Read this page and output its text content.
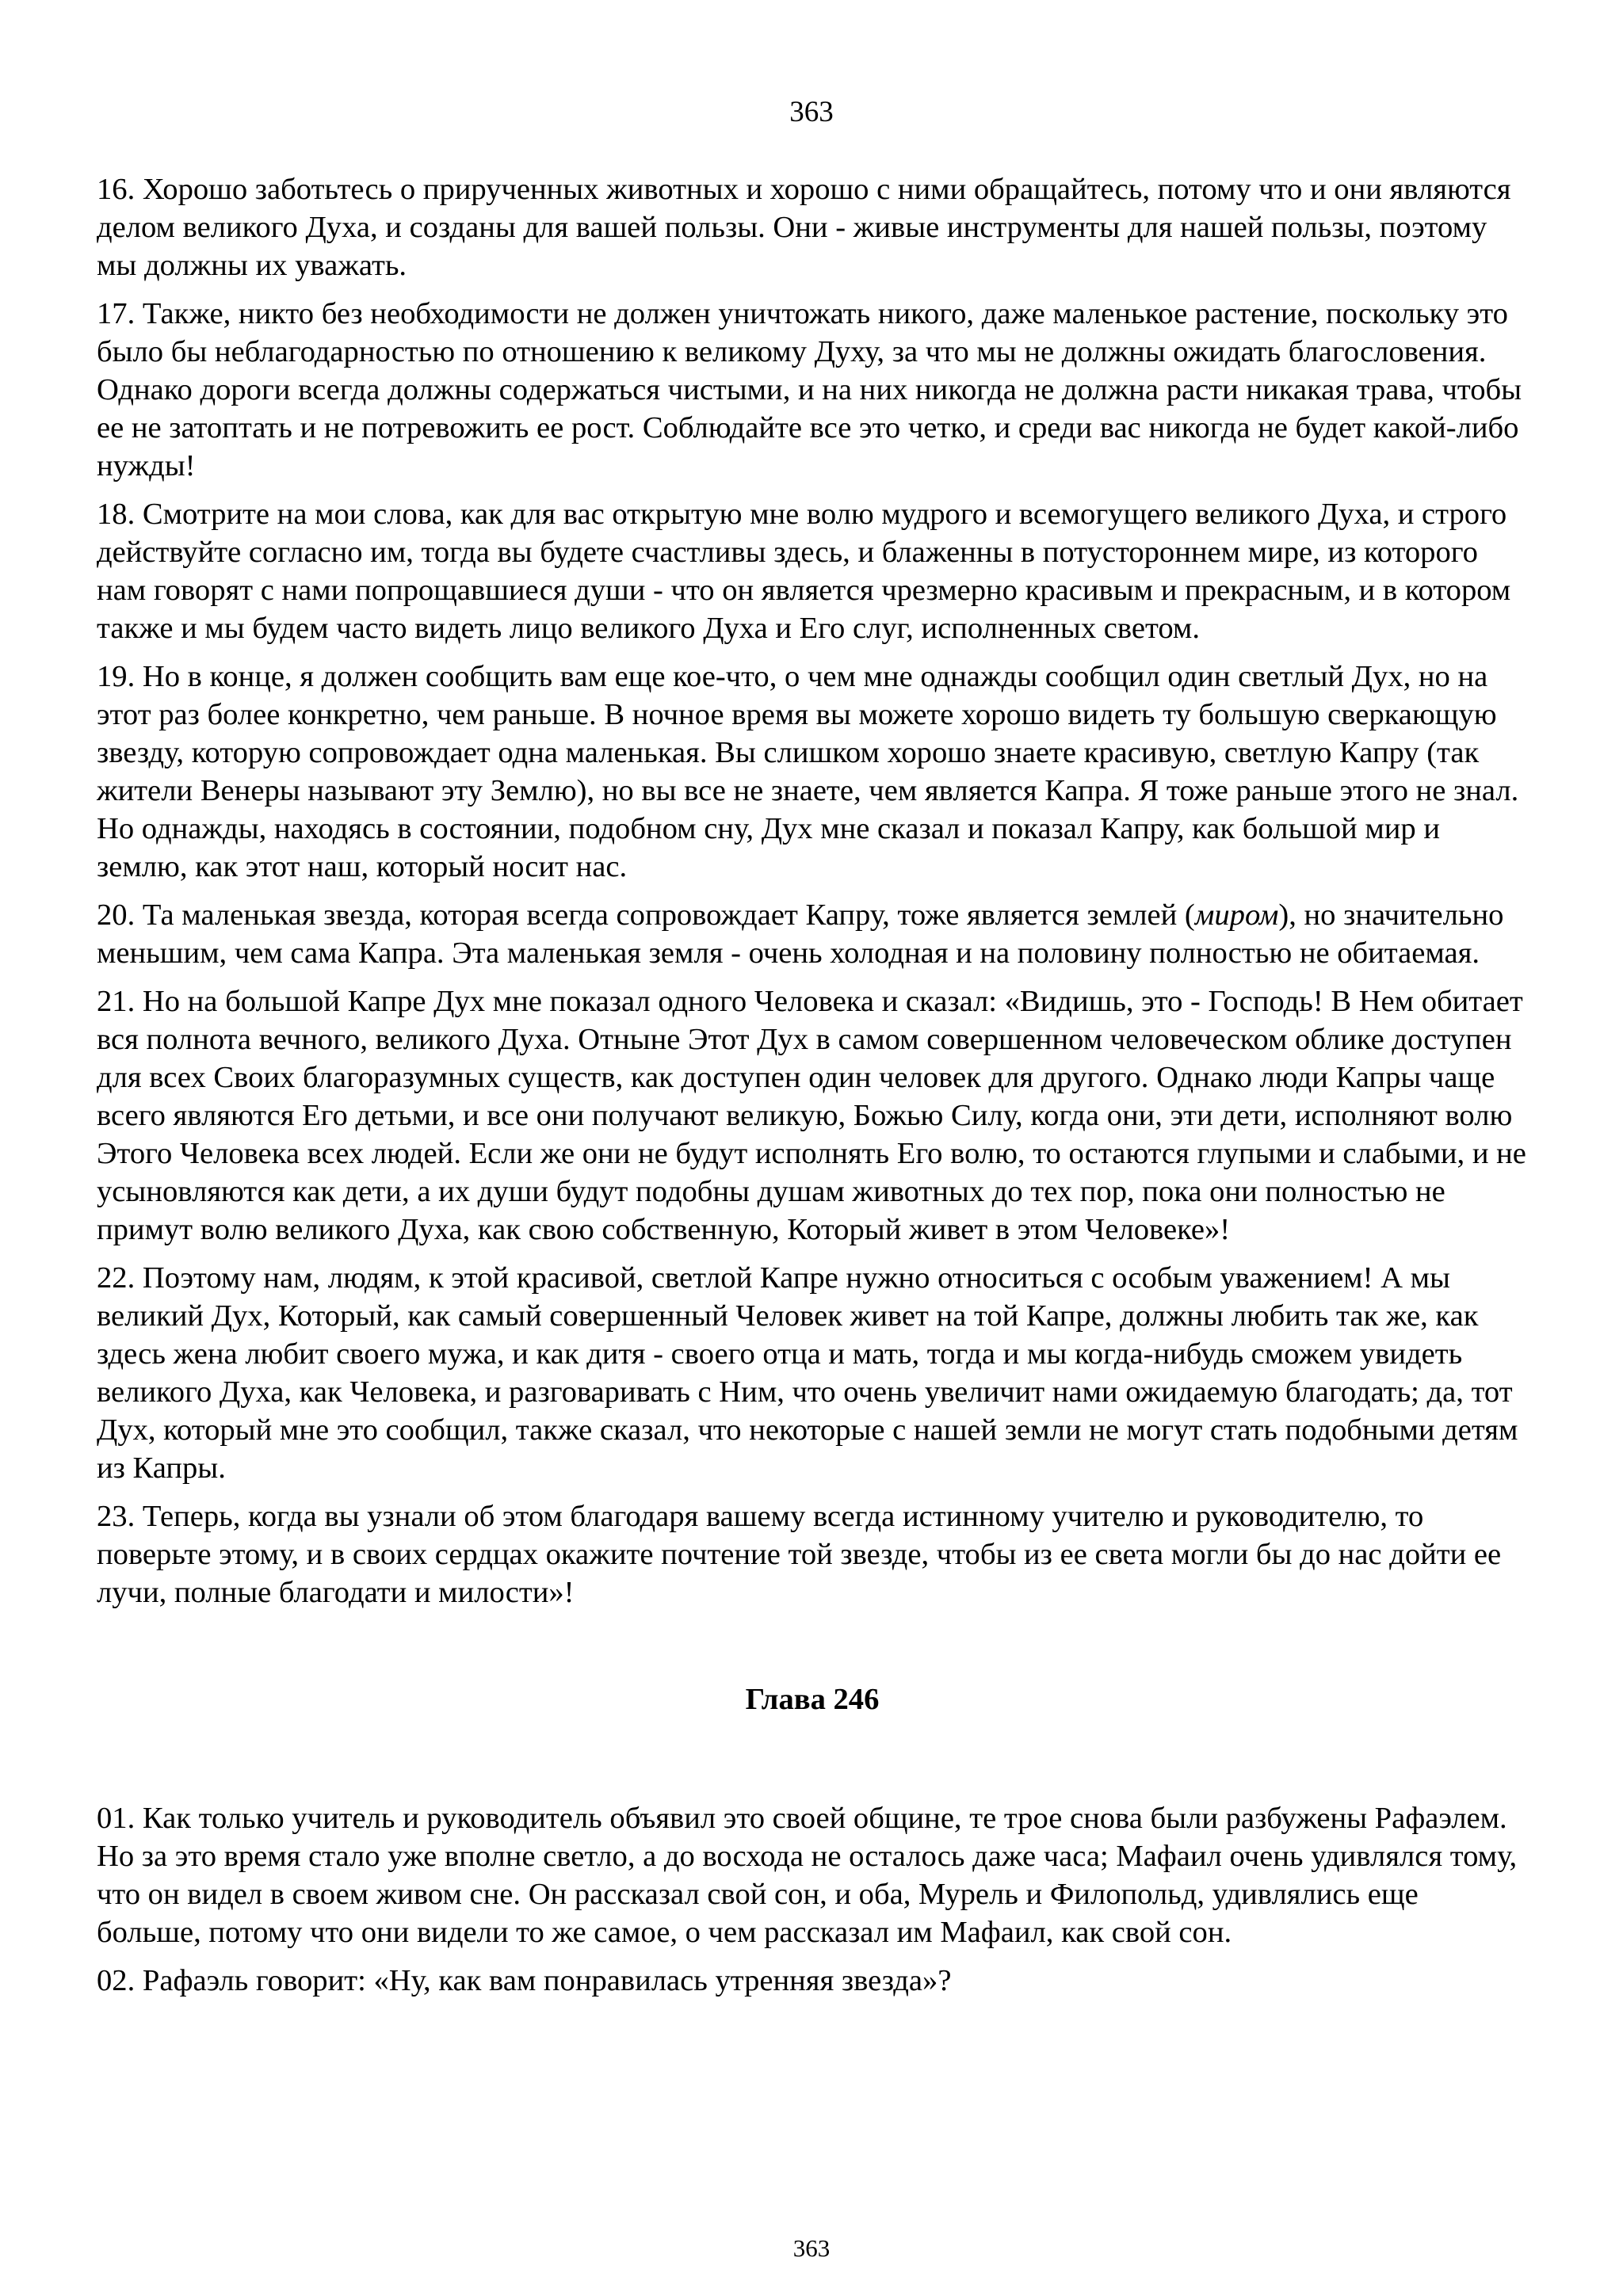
363

16. Хорошо заботьтесь о прирученных животных и хорошо с ними обращайтесь, потому что и они являются делом великого Духа, и созданы для вашей пользы. Они - живые инструменты для нашей пользы, поэтому мы должны их уважать.

17. Также, никто без необходимости не должен уничтожать никого, даже маленькое растение, поскольку это было бы неблагодарностью по отношению к великому Духу, за что мы не должны ожидать благословения. Однако дороги всегда должны содержаться чистыми, и на них никогда не должна расти никакая трава, чтобы ее не затоптать и не потревожить ее рост. Соблюдайте все это четко, и среди вас никогда не будет какой-либо нужды!

18. Смотрите на мои слова, как для вас открытую мне волю мудрого и всемогущего великого Духа, и строго действуйте согласно им, тогда вы будете счастливы здесь, и блаженны в потустороннем мире, из которого нам говорят с нами попрощавшиеся души - что он является чрезмерно красивым и прекрасным, и в котором также и мы будем часто видеть лицо великого Духа и Его слуг, исполненных светом.

19. Но в конце, я должен сообщить вам еще кое-что, о чем мне однажды сообщил один светлый Дух, но на этот раз более конкретно, чем раньше. В ночное время вы можете хорошо видеть ту большую сверкающую звезду, которую сопровождает одна маленькая. Вы слишком хорошо знаете красивую, светлую Капру (так жители Венеры называют эту Землю), но вы все не знаете, чем является Капра. Я тоже раньше этого не знал. Но однажды, находясь в состоянии, подобном сну, Дух мне сказал и показал Капру, как большой мир и землю, как этот наш, который носит нас.

20. Та маленькая звезда, которая всегда сопровождает Капру, тоже является землей (миром), но значительно меньшим, чем сама Капра. Эта маленькая земля - очень холодная и на половину полностью не обитаемая.

21. Но на большой Капре Дух мне показал одного Человека и сказал: «Видишь, это - Господь! В Нем обитает вся полнота вечного, великого Духа. Отныне Этот Дух в самом совершенном человеческом облике доступен для всех Своих благоразумных существ, как доступен один человек для другого. Однако люди Капры чаще всего являются Его детьми, и все они получают великую, Божью Силу, когда они, эти дети, исполняют волю Этого Человека всех людей. Если же они не будут исполнять Его волю, то остаются глупыми и слабыми, и не усыновляются как дети, а их души будут подобны душам животных до тех пор, пока они полностью не примут волю великого Духа, как свою собственную, Который живет в этом Человеке»!

22. Поэтому нам, людям, к этой красивой, светлой Капре нужно относиться с особым уважением! А мы великий Дух, Который, как самый совершенный Человек живет на той Капре, должны любить так же, как здесь жена любит своего мужа, и как дитя - своего отца и мать, тогда и мы когда-нибудь сможем увидеть великого Духа, как Человека, и разговаривать с Ним, что очень увеличит нами ожидаемую благодать; да, тот Дух, который мне это сообщил, также сказал, что некоторые с нашей земли не могут стать подобными детям из Капры.

23. Теперь, когда вы узнали об этом благодаря вашему всегда истинному учителю и руководителю, то поверьте этому, и в своих сердцах окажите почтение той звезде, чтобы из ее света могли бы до нас дойти ее лучи, полные благодати и милости»!

Глава 246

01. Как только учитель и руководитель объявил это своей общине, те трое снова были разбужены Рафаэлем. Но за это время стало уже вполне светло, а до восхода не осталось даже часа; Мафаил очень удивлялся тому, что он видел в своем живом сне. Он рассказал свой сон, и оба, Мурель и Филопольд, удивлялись еще больше, потому что они видели то же самое, о чем рассказал им Мафаил, как свой сон.

02. Рафаэль говорит: «Ну, как вам понравилась утренняя звезда»?

363
